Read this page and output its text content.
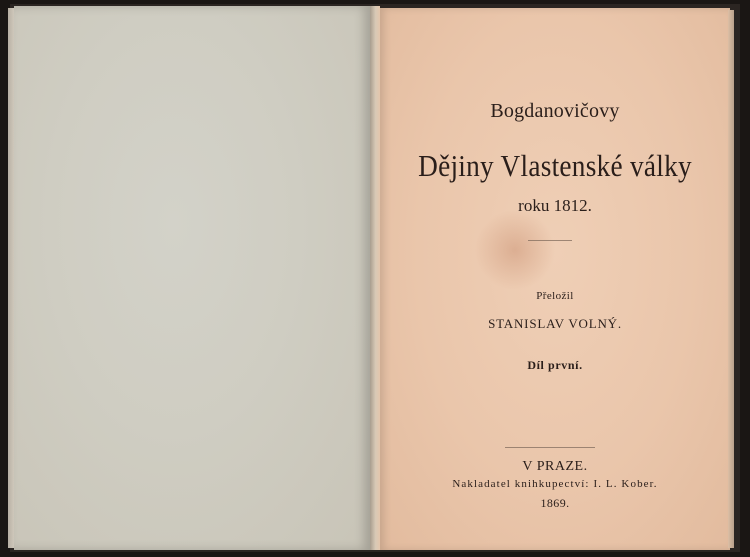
Bogdanovičovy
Dějiny Vlastenské války
roku 1812.
Přeložil
STANISLAV VOLNÝ.
Díl první.
V PRAZE.
Nakladatel knihkupectví: I. L. Kober.
1869.
